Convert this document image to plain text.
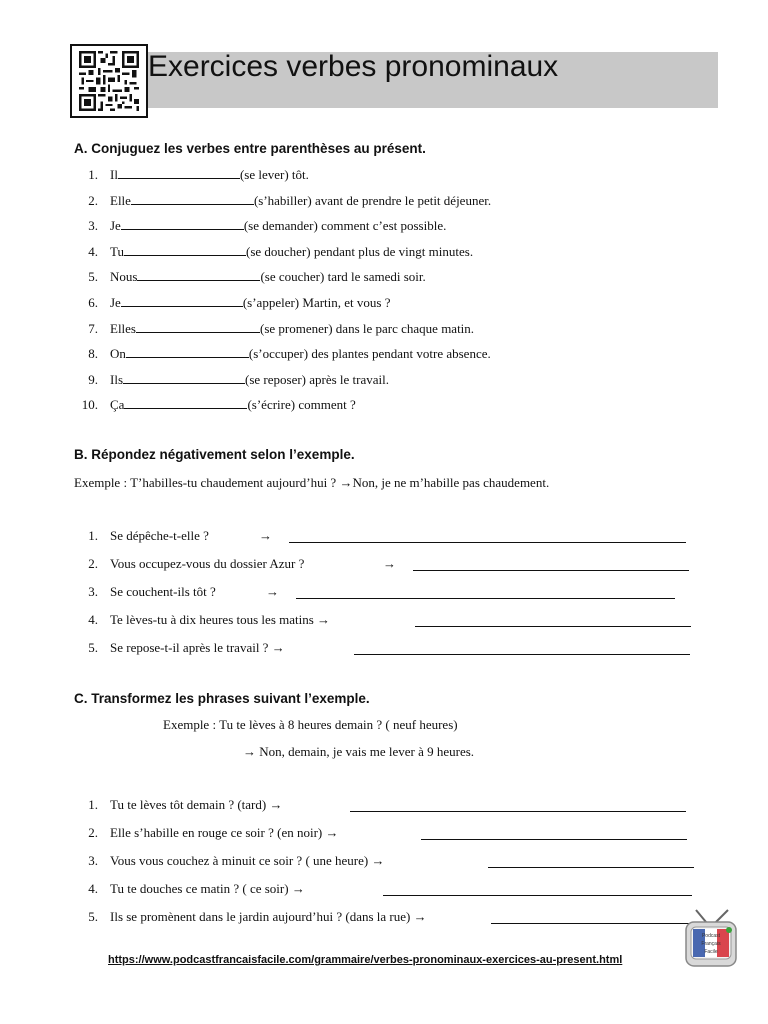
Exercices verbes pronominaux
A. Conjuguez les verbes entre parenthèses au présent.
1. Il	(se lever) tôt.
2. Elle	(s’habiller) avant de prendre le petit déjeuner.
3. Je	(se demander) comment c’est possible.
4. Tu	(se doucher) pendant plus de vingt minutes.
5. Nous	(se coucher) tard le samedi soir.
6. Je	(s’appeler) Martin, et vous ?
7. Elles	(se promener) dans le parc chaque matin.
8. On	(s’occuper) des plantes pendant votre absence.
9. Ils	(se reposer) après le travail.
10. Ça	(s’écrire) comment ?
B. Répondez négativement selon l’exemple.
Exemple : T’habilles-tu chaudement aujourd’hui ? →Non, je ne m’habille pas chaudement.
1. Se dépêche-t-elle ?	→
2. Vous occupez-vous du dossier Azur ?	→
3. Se couchent-ils tôt ?	→
4. Te lèves-tu à dix heures tous les matins →
5. Se repose-t-il après le travail ? →
C. Transformez les phrases suivant l’exemple.
Exemple : Tu te lèves à 8 heures demain ? ( neuf heures)
→ Non, demain, je vais me lever à 9 heures.
1. Tu te lèves tôt demain ? (tard) →
2. Elle s’habille en rouge ce soir ? (en noir) →
3. Vous vous couchez à minuit ce soir ? ( une heure) →
4. Tu te douches ce matin ? ( ce soir) →
5. Ils se promènent dans le jardin aujourd’hui ? (dans la rue) →
https://www.podcastfrancaisfacile.com/grammaire/verbes-pronominaux-exercices-au-present.html
Podcast
Français
Facile
